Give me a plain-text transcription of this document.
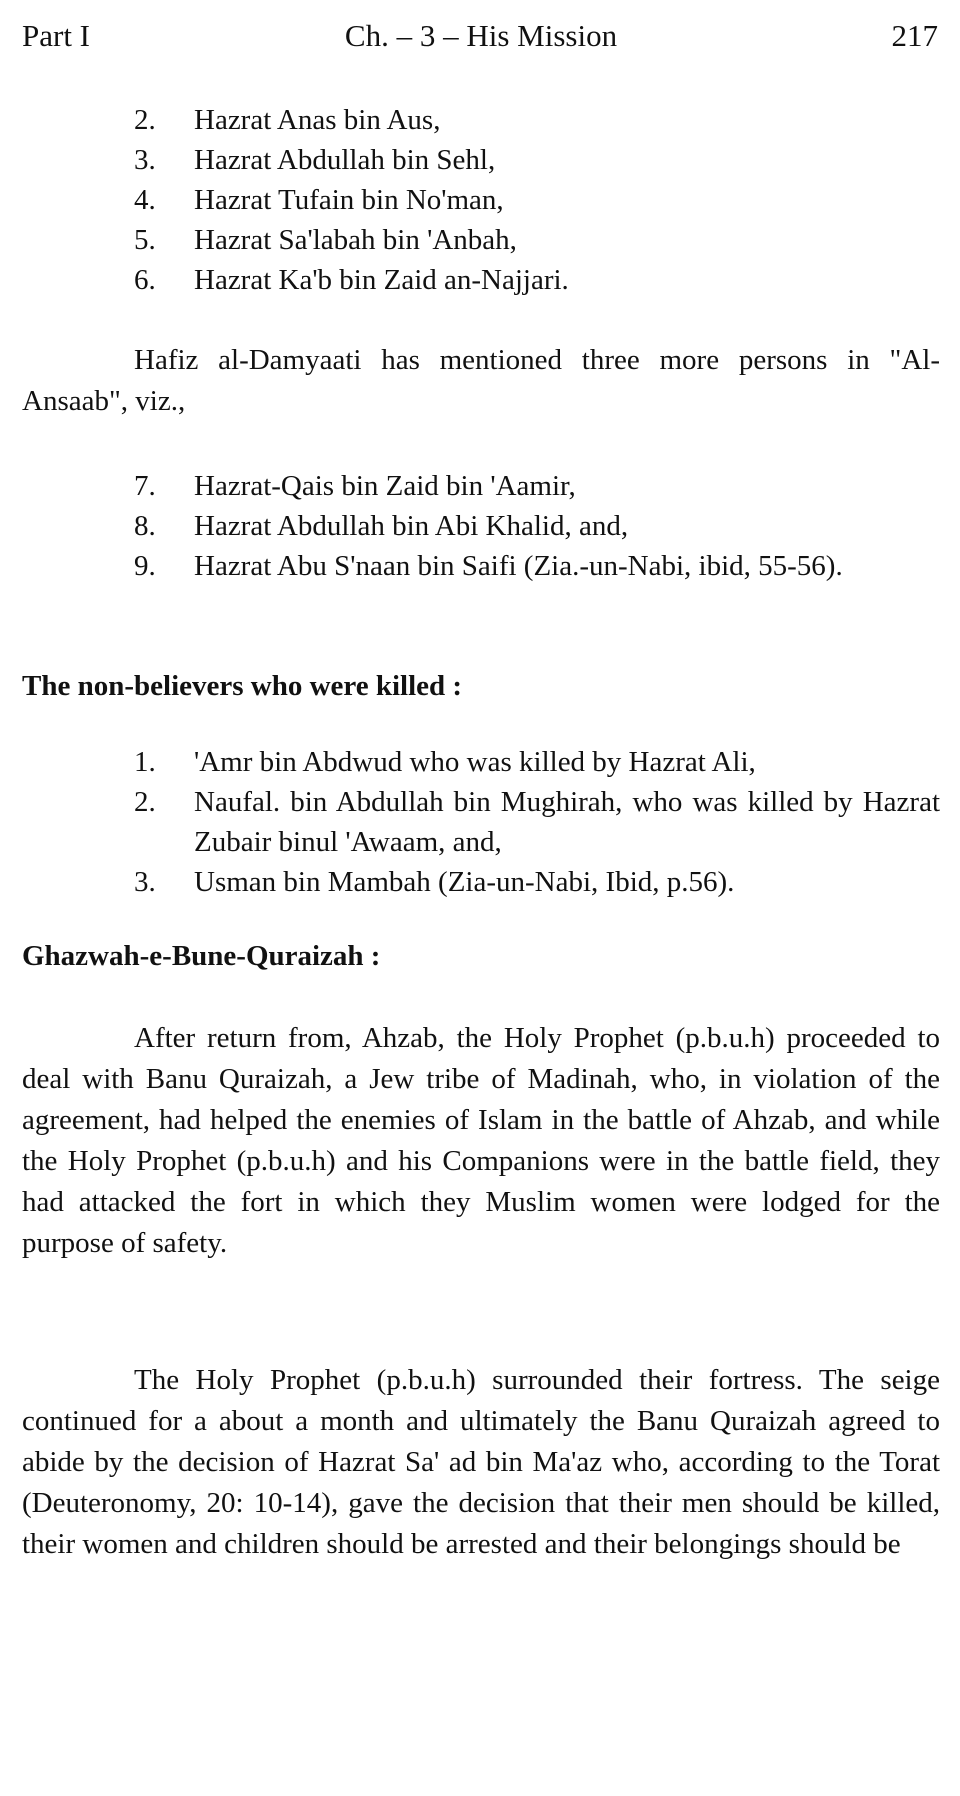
Part I	Ch. – 3 – His Mission	217
2.	Hazrat Anas bin Aus,
3.	Hazrat Abdullah bin Sehl,
4.	Hazrat Tufain bin No'man,
5.	Hazrat Sa'labah bin 'Anbah,
6.	Hazrat Ka'b bin Zaid an-Najjari.

Hafiz al-Damyaati has mentioned three more persons in "Al-Ansaab", viz.,

7.	Hazrat-Qais bin Zaid bin 'Aamir,
8.	Hazrat Abdullah bin Abi Khalid, and,
9.	Hazrat Abu S'naan bin Saifi (Zia.-un-Nabi, ibid, 55-56).
The non-believers who were killed :
1.	'Amr bin Abdwud who was killed by Hazrat Ali,
2.	Naufal. bin Abdullah bin Mughirah, who was killed by Hazrat Zubair binul 'Awaam, and,
3.	Usman bin Mambah (Zia-un-Nabi, Ibid, p.56).
Ghazwah-e-Bune-Quraizah :

After return from, Ahzab, the Holy Prophet (p.b.u.h) proceeded to deal with Banu Quraizah, a Jew tribe of Madinah, who, in violation of the agreement, had helped the enemies of Islam in the battle of Ahzab, and while the Holy Prophet (p.b.u.h) and his Companions were in the battle field, they had attacked the fort in which they Muslim women were lodged for the purpose of safety.

The Holy Prophet (p.b.u.h) surrounded their fortress. The seige continued for a about a month and ultimately the Banu Quraizah agreed to abide by the decision of Hazrat Sa' ad bin Ma'az who, according to the Torat (Deuteronomy, 20: 10-14), gave the decision that their men should be killed, their women and children should be arrested and their belongings should be
